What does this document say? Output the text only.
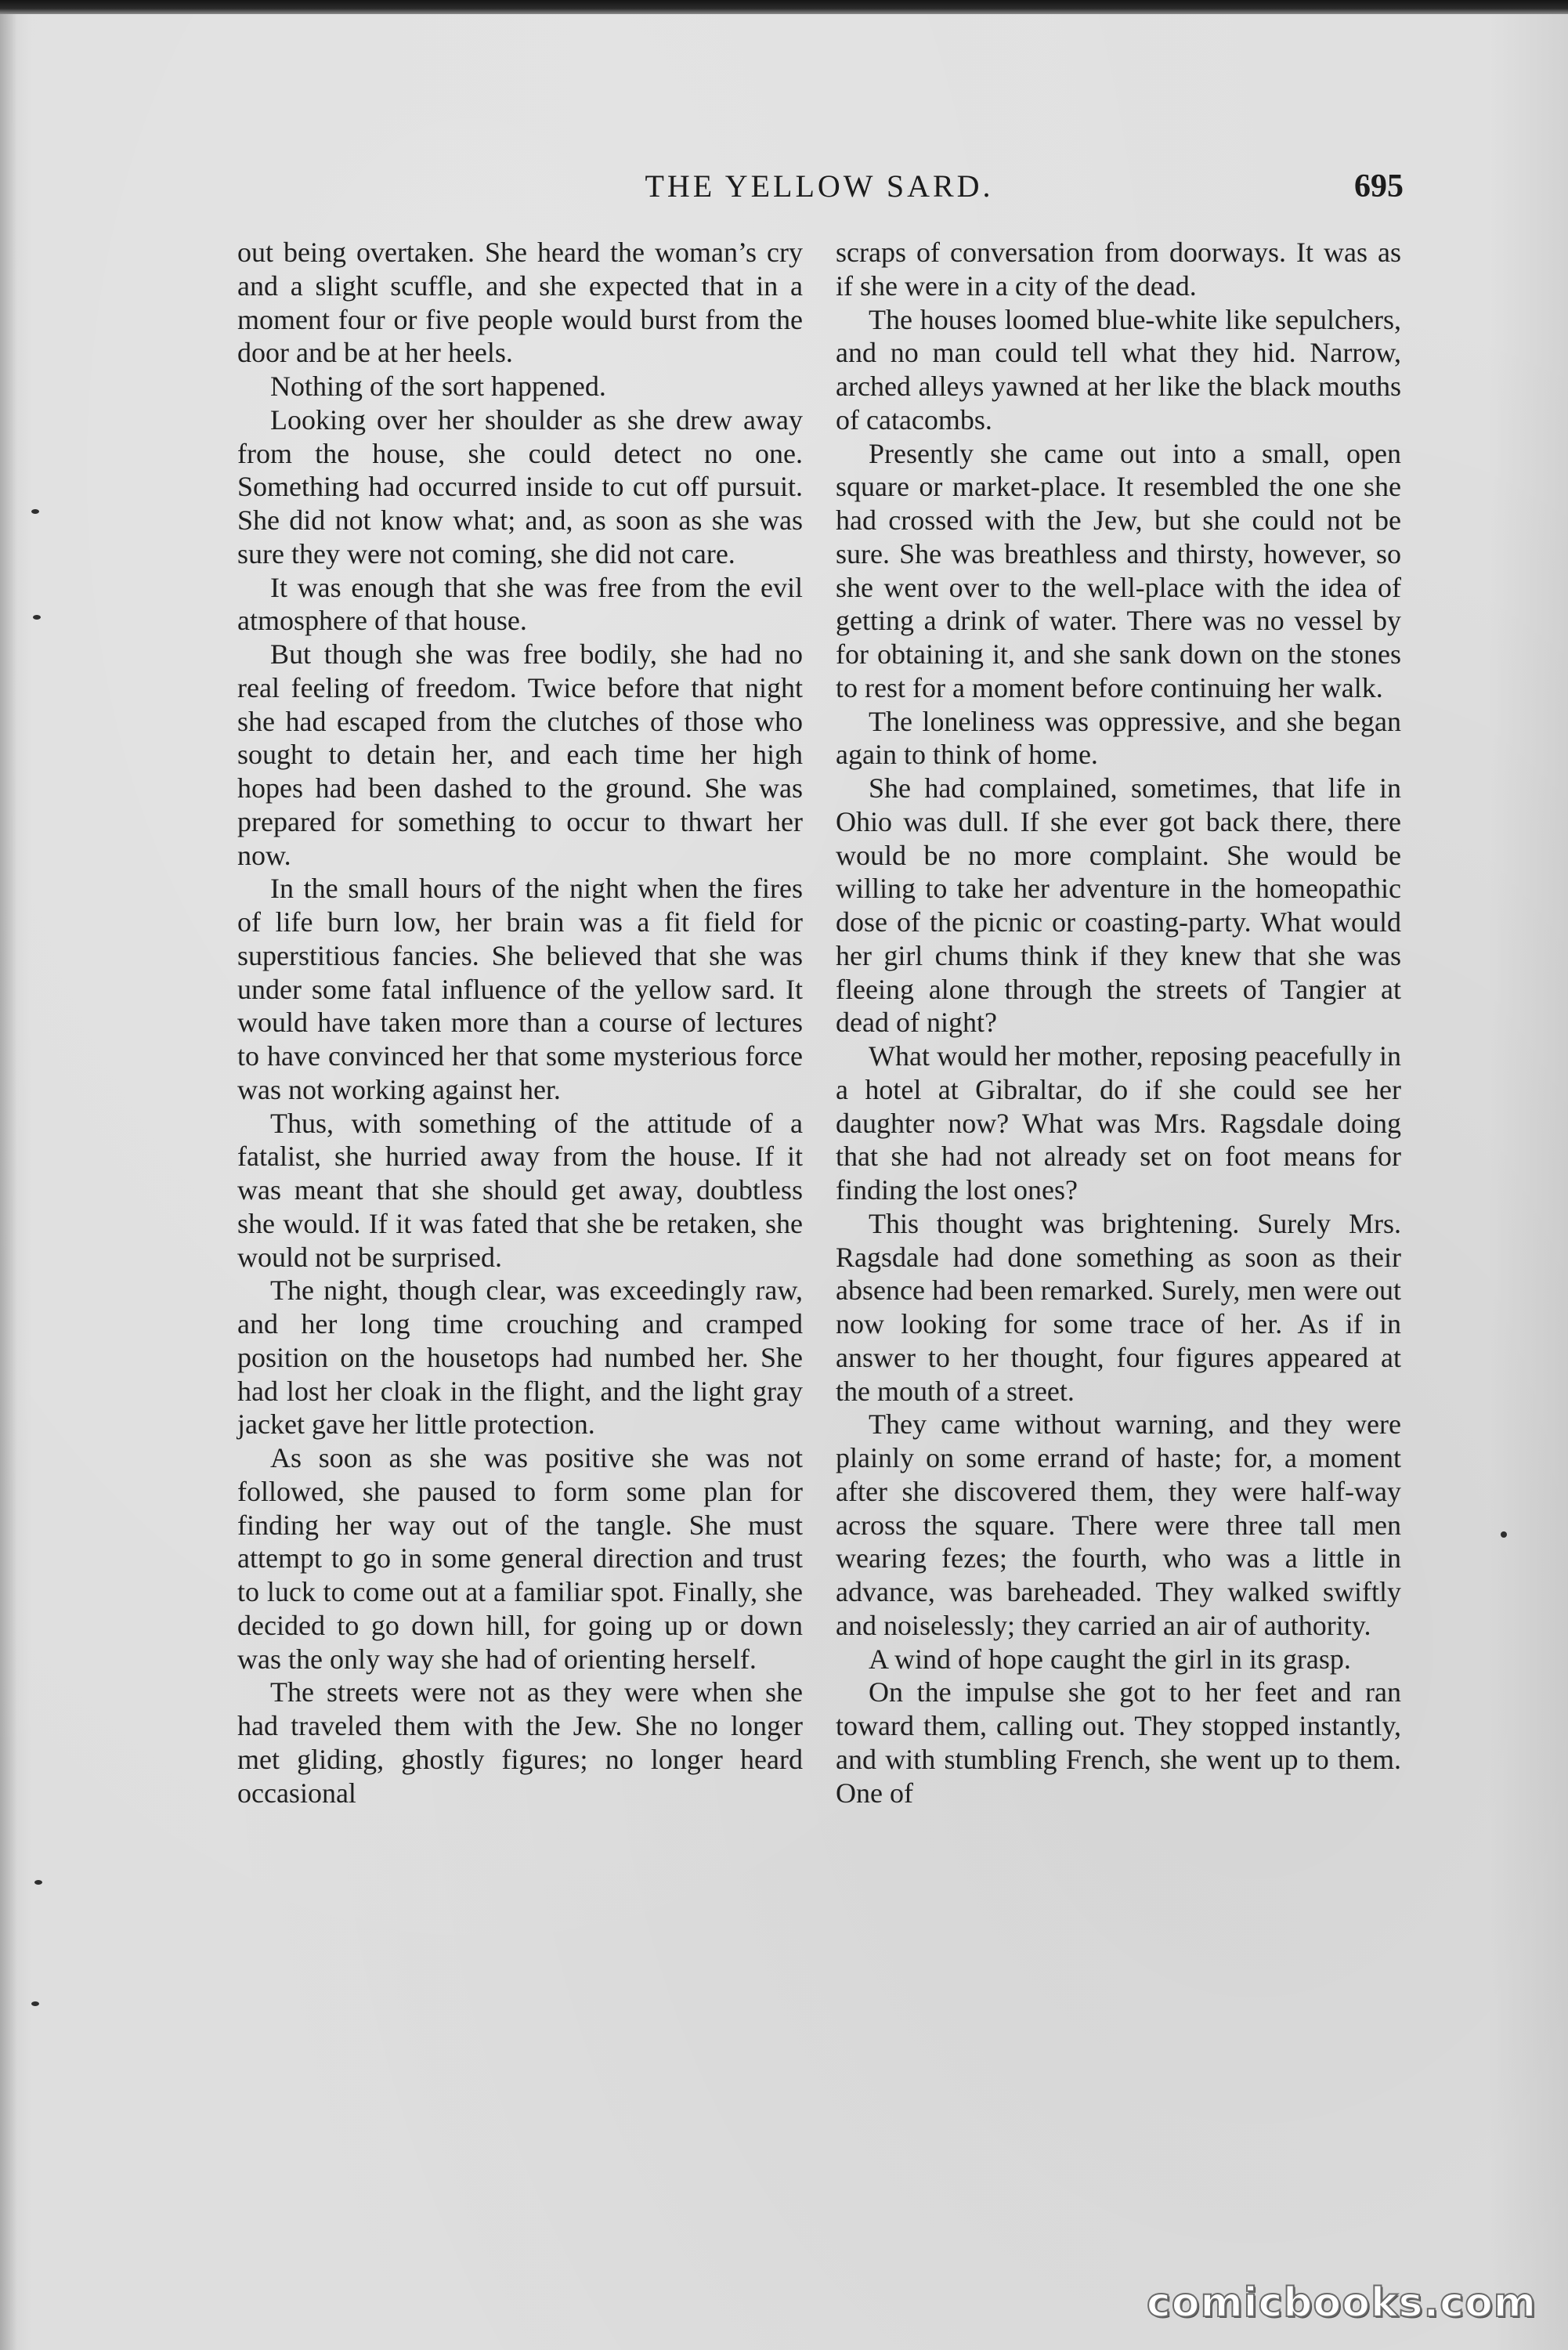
THE YELLOW SARD.	695

out being overtaken. She heard the woman’s cry and a slight scuffle, and she expected that in a moment four or five people would burst from the door and be at her heels.

Nothing of the sort happened.

Looking over her shoulder as she drew away from the house, she could detect no one. Something had occurred inside to cut off pursuit. She did not know what; and, as soon as she was sure they were not coming, she did not care.

It was enough that she was free from the evil atmosphere of that house.

But though she was free bodily, she had no real feeling of freedom. Twice before that night she had escaped from the clutches of those who sought to detain her, and each time her high hopes had been dashed to the ground. She was prepared for something to occur to thwart her now.

In the small hours of the night when the fires of life burn low, her brain was a fit field for superstitious fancies. She believed that she was under some fatal influence of the yellow sard. It would have taken more than a course of lectures to have convinced her that some mysterious force was not working against her.

Thus, with something of the attitude of a fatalist, she hurried away from the house. If it was meant that she should get away, doubtless she would. If it was fated that she be retaken, she would not be surprised.

The night, though clear, was exceedingly raw, and her long time crouching and cramped position on the housetops had numbed her. She had lost her cloak in the flight, and the light gray jacket gave her little protection.

As soon as she was positive she was not followed, she paused to form some plan for finding her way out of the tangle. She must attempt to go in some general direction and trust to luck to come out at a familiar spot. Finally, she decided to go down hill, for going up or down was the only way she had of orienting herself.

The streets were not as they were when she had traveled them with the Jew. She no longer met gliding, ghostly figures; no longer heard occasional

scraps of conversation from doorways. It was as if she were in a city of the dead.

The houses loomed blue-white like sepulchers, and no man could tell what they hid. Narrow, arched alleys yawned at her like the black mouths of catacombs.

Presently she came out into a small, open square or market-place. It resembled the one she had crossed with the Jew, but she could not be sure. She was breathless and thirsty, however, so she went over to the well-place with the idea of getting a drink of water. There was no vessel by for obtaining it, and she sank down on the stones to rest for a moment before continuing her walk.

The loneliness was oppressive, and she began again to think of home.

She had complained, sometimes, that life in Ohio was dull. If she ever got back there, there would be no more complaint. She would be willing to take her adventure in the homeopathic dose of the picnic or coasting-party. What would her girl chums think if they knew that she was fleeing alone through the streets of Tangier at dead of night?

What would her mother, reposing peacefully in a hotel at Gibraltar, do if she could see her daughter now? What was Mrs. Ragsdale doing that she had not already set on foot means for finding the lost ones?

This thought was brightening. Surely Mrs. Ragsdale had done something as soon as their absence had been remarked. Surely, men were out now looking for some trace of her. As if in answer to her thought, four figures appeared at the mouth of a street.

They came without warning, and they were plainly on some errand of haste; for, a moment after she discovered them, they were half-way across the square. There were three tall men wearing fezes; the fourth, who was a little in advance, was bareheaded. They walked swiftly and noiselessly; they carried an air of authority.

A wind of hope caught the girl in its grasp.

On the impulse she got to her feet and ran toward them, calling out. They stopped instantly, and with stumbling French, she went up to them. One of

comicbooks.com
